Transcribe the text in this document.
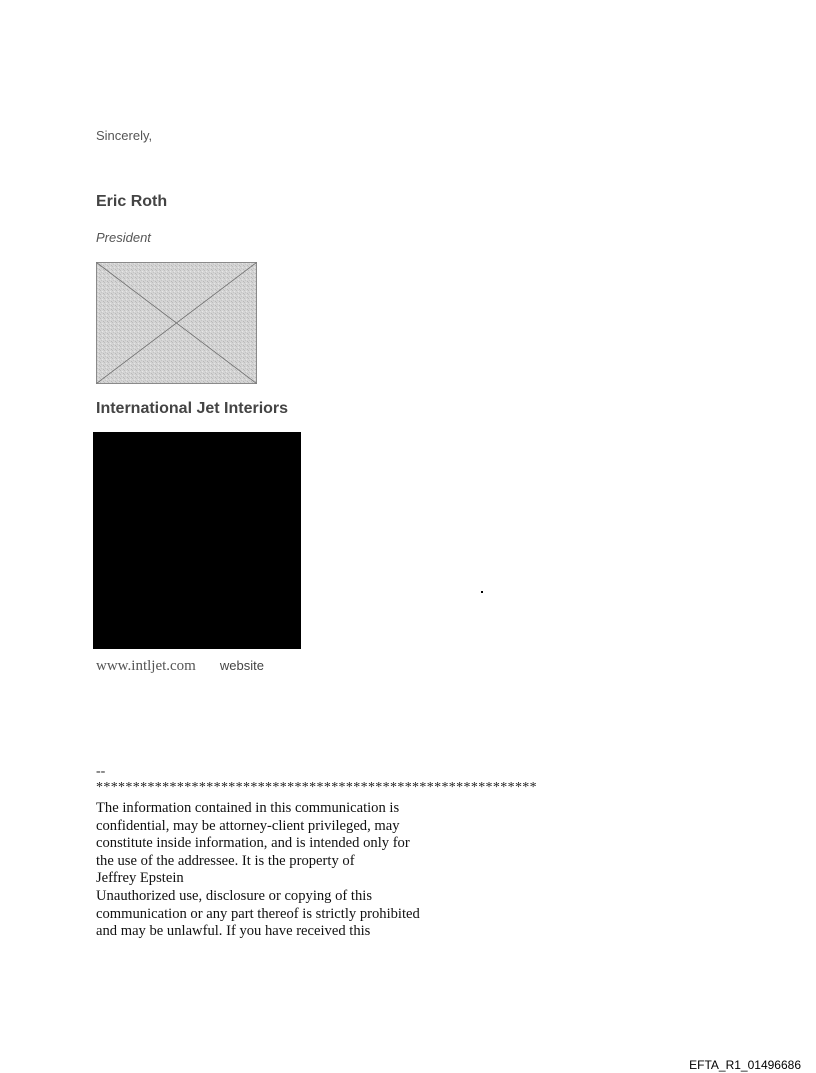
Sincerely,
Eric Roth
President
International Jet Interiors
www.intljet.com website
--
************************************************************
The information contained in this communication is
confidential, may be attorney-client privileged, may
constitute inside information, and is intended only for
the use of the addressee. It is the property of
Jeffrey Epstein
Unauthorized use, disclosure or copying of this
communication or any part thereof is strictly prohibited
and may be unlawful. If you have received this
EFTA_R1_01496686
